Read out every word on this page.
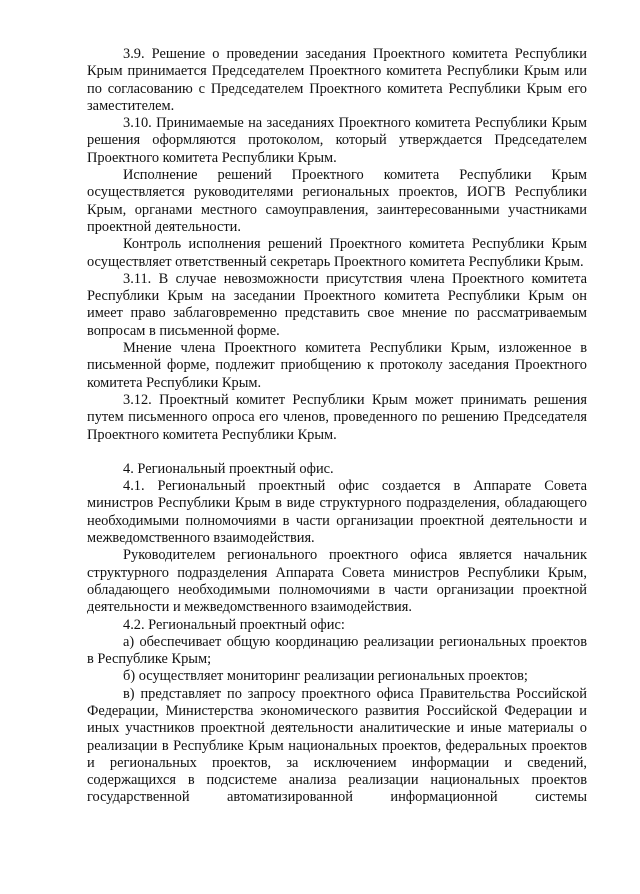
3.9. Решение о проведении заседания Проектного комитета Республики Крым принимается Председателем Проектного комитета Республики Крым или по согласованию с Председателем Проектного комитета Республики Крым его заместителем.

3.10. Принимаемые на заседаниях Проектного комитета Республики Крым решения оформляются протоколом, который утверждается Председателем Проектного комитета Республики Крым.

Исполнение решений Проектного комитета Республики Крым осуществляется руководителями региональных проектов, ИОГВ Республики Крым, органами местного самоуправления, заинтересованными участниками проектной деятельности.

Контроль исполнения решений Проектного комитета Республики Крым осуществляет ответственный секретарь Проектного комитета Республики Крым.

3.11. В случае невозможности присутствия члена Проектного комитета Республики Крым на заседании Проектного комитета Республики Крым он имеет право заблаговременно представить свое мнение по рассматриваемым вопросам в письменной форме.

Мнение члена Проектного комитета Республики Крым, изложенное в письменной форме, подлежит приобщению к протоколу заседания Проектного комитета Республики Крым.

3.12. Проектный комитет Республики Крым может принимать решения путем письменного опроса его членов, проведенного по решению Председателя Проектного комитета Республики Крым.

4. Региональный проектный офис.

4.1. Региональный проектный офис создается в Аппарате Совета министров Республики Крым в виде структурного подразделения, обладающего необходимыми полномочиями в части организации проектной деятельности и межведомственного взаимодействия.

Руководителем регионального проектного офиса является начальник структурного подразделения Аппарата Совета министров Республики Крым, обладающего необходимыми полномочиями в части организации проектной деятельности и межведомственного взаимодействия.

4.2. Региональный проектный офис:

а) обеспечивает общую координацию реализации региональных проектов в Республике Крым;

б) осуществляет мониторинг реализации региональных проектов;

в) представляет по запросу проектного офиса Правительства Российской Федерации, Министерства экономического развития Российской Федерации и иных участников проектной деятельности аналитические и иные материалы о реализации в Республике Крым национальных проектов, федеральных проектов и региональных проектов, за исключением информации и сведений, содержащихся в подсистеме анализа реализации национальных проектов государственной автоматизированной информационной системы
